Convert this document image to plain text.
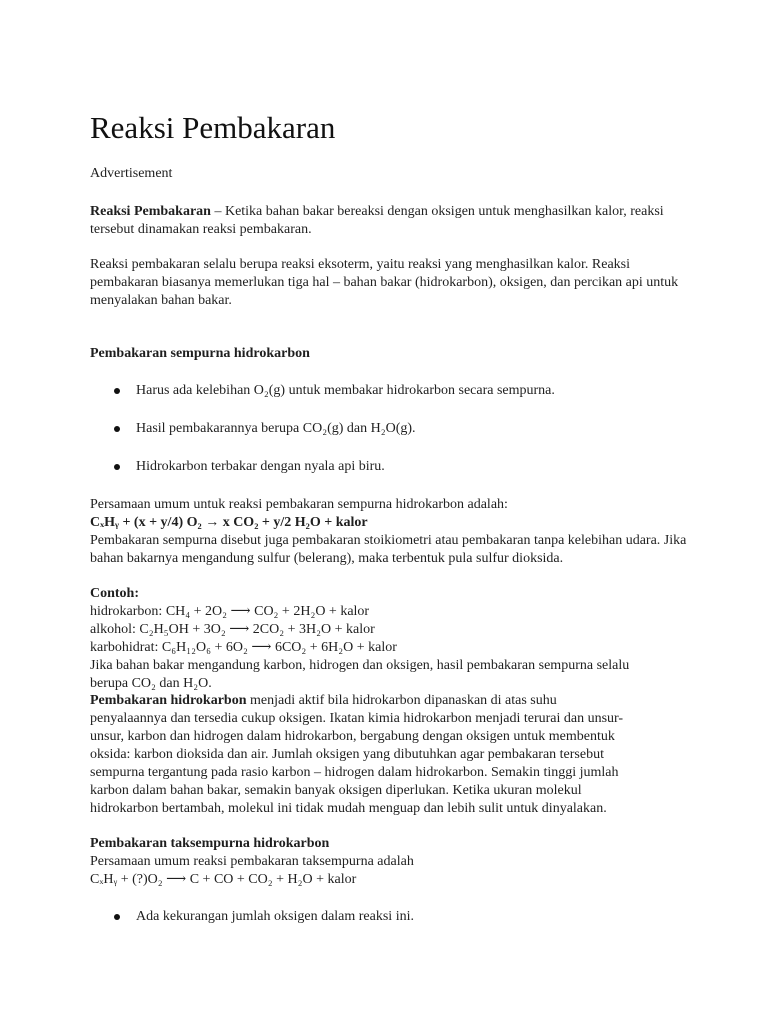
Reaksi Pembakaran

Advertisement

Reaksi Pembakaran – Ketika bahan bakar bereaksi dengan oksigen untuk menghasilkan kalor, reaksi tersebut dinamakan reaksi pembakaran.

Reaksi pembakaran selalu berupa reaksi eksoterm, yaitu reaksi yang menghasilkan kalor. Reaksi pembakaran biasanya memerlukan tiga hal – bahan bakar (hidrokarbon), oksigen, dan percikan api untuk menyalakan bahan bakar.

Pembakaran sempurna hidrokarbon

Harus ada kelebihan O₂(g) untuk membakar hidrokarbon secara sempurna.
Hasil pembakarannya berupa CO₂(g) dan H₂O(g).
Hidrokarbon terbakar dengan nyala api biru.

Persamaan umum untuk reaksi pembakaran sempurna hidrokarbon adalah:

CₓHᵧ + (x + y/4) O₂ → x CO₂ + y/2 H₂O + kalor

Pembakaran sempurna disebut juga pembakaran stoikiometri atau pembakaran tanpa kelebihan udara. Jika bahan bakarnya mengandung sulfur (belerang), maka terbentuk pula sulfur dioksida.

Contoh:

hidrokarbon: CH₄ + 2O₂ ⟶ CO₂ + 2H₂O + kalor

alkohol: C₂H₅OH + 3O₂ ⟶ 2CO₂ + 3H₂O + kalor

karbohidrat: C₆H₁₂O₆ + 6O₂ ⟶ 6CO₂ + 6H₂O + kalor

Jika bahan bakar mengandung karbon, hidrogen dan oksigen, hasil pembakaran sempurna selalu

berupa CO₂ dan H₂O.

Pembakaran hidrokarbon menjadi aktif bila hidrokarbon dipanaskan di atas suhu

penyalaannya dan tersedia cukup oksigen. Ikatan kimia hidrokarbon menjadi terurai dan unsur-

unsur, karbon dan hidrogen dalam hidrokarbon, bergabung dengan oksigen untuk membentuk

oksida: karbon dioksida dan air. Jumlah oksigen yang dibutuhkan agar pembakaran tersebut

sempurna tergantung pada rasio karbon – hidrogen dalam hidrokarbon. Semakin tinggi jumlah

karbon dalam bahan bakar, semakin banyak oksigen diperlukan. Ketika ukuran molekul

hidrokarbon bertambah, molekul ini tidak mudah menguap dan lebih sulit untuk dinyalakan.

Pembakaran taksempurna hidrokarbon

Persamaan umum reaksi pembakaran taksempurna adalah

CₓHᵧ + (?)O₂ ⟶ C + CO + CO₂ + H₂O + kalor

Ada kekurangan jumlah oksigen dalam reaksi ini.
